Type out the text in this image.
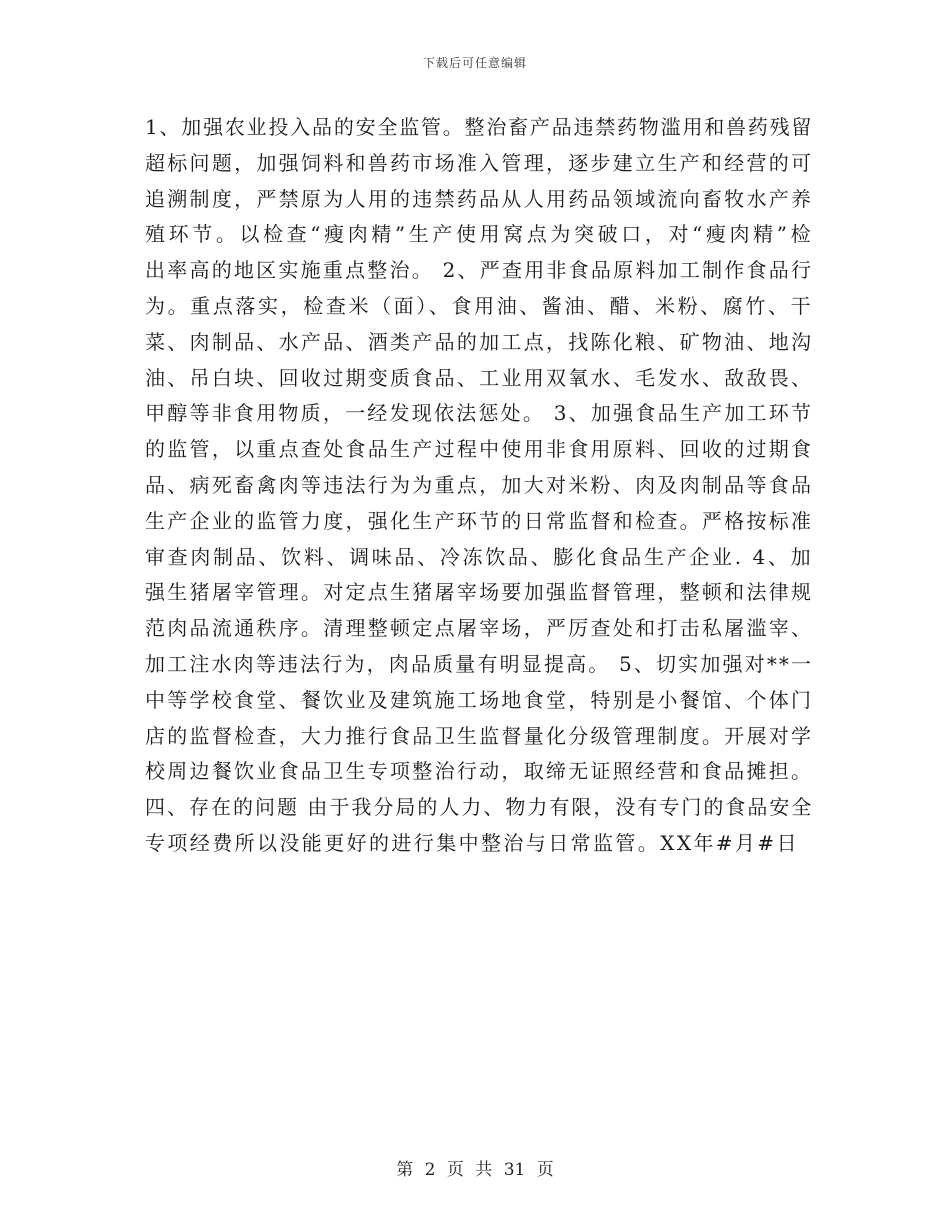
下载后可任意编辑
1、加强农业投入品的安全监管。整治畜产品违禁药物滥用和兽药残留
超标问题，加强饲料和兽药市场准入管理，逐步建立生产和经营的可
追溯制度，严禁原为人用的违禁药品从人用药品领域流向畜牧水产养
殖环节。以检查“瘦肉精”生产使用窝点为突破口，对“瘦肉精”检
出率高的地区实施重点整治。 2、严查用非食品原料加工制作食品行
为。重点落实，检查米（面）、食用油、酱油、醋、米粉、腐竹、干
菜、肉制品、水产品、酒类产品的加工点，找陈化粮、矿物油、地沟
油、吊白块、回收过期变质食品、工业用双氧水、毛发水、敌敌畏、
甲醇等非食用物质，一经发现依法惩处。 3、加强食品生产加工环节
的监管，以重点查处食品生产过程中使用非食用原料、回收的过期食
品、病死畜禽肉等违法行为为重点，加大对米粉、肉及肉制品等食品
生产企业的监管力度，强化生产环节的日常监督和检查。严格按标准
审查肉制品、饮料、调味品、冷冻饮品、膨化食品生产企业. 4、加
强生猪屠宰管理。对定点生猪屠宰场要加强监督管理，整顿和法律规
范肉品流通秩序。清理整顿定点屠宰场，严厉查处和打击私屠滥宰、
加工注水肉等违法行为，肉品质量有明显提高。 5、切实加强对**一
中等学校食堂、餐饮业及建筑施工场地食堂，特别是小餐馆、个体门
店的监督检查，大力推行食品卫生监督量化分级管理制度。开展对学
校周边餐饮业食品卫生专项整治行动，取缔无证照经营和食品摊担。
四、存在的问题 由于我分局的人力、物力有限，没有专门的食品安全
专项经费所以没能更好的进行集中整治与日常监管。XX年#月#日
第 2 页 共 31 页
